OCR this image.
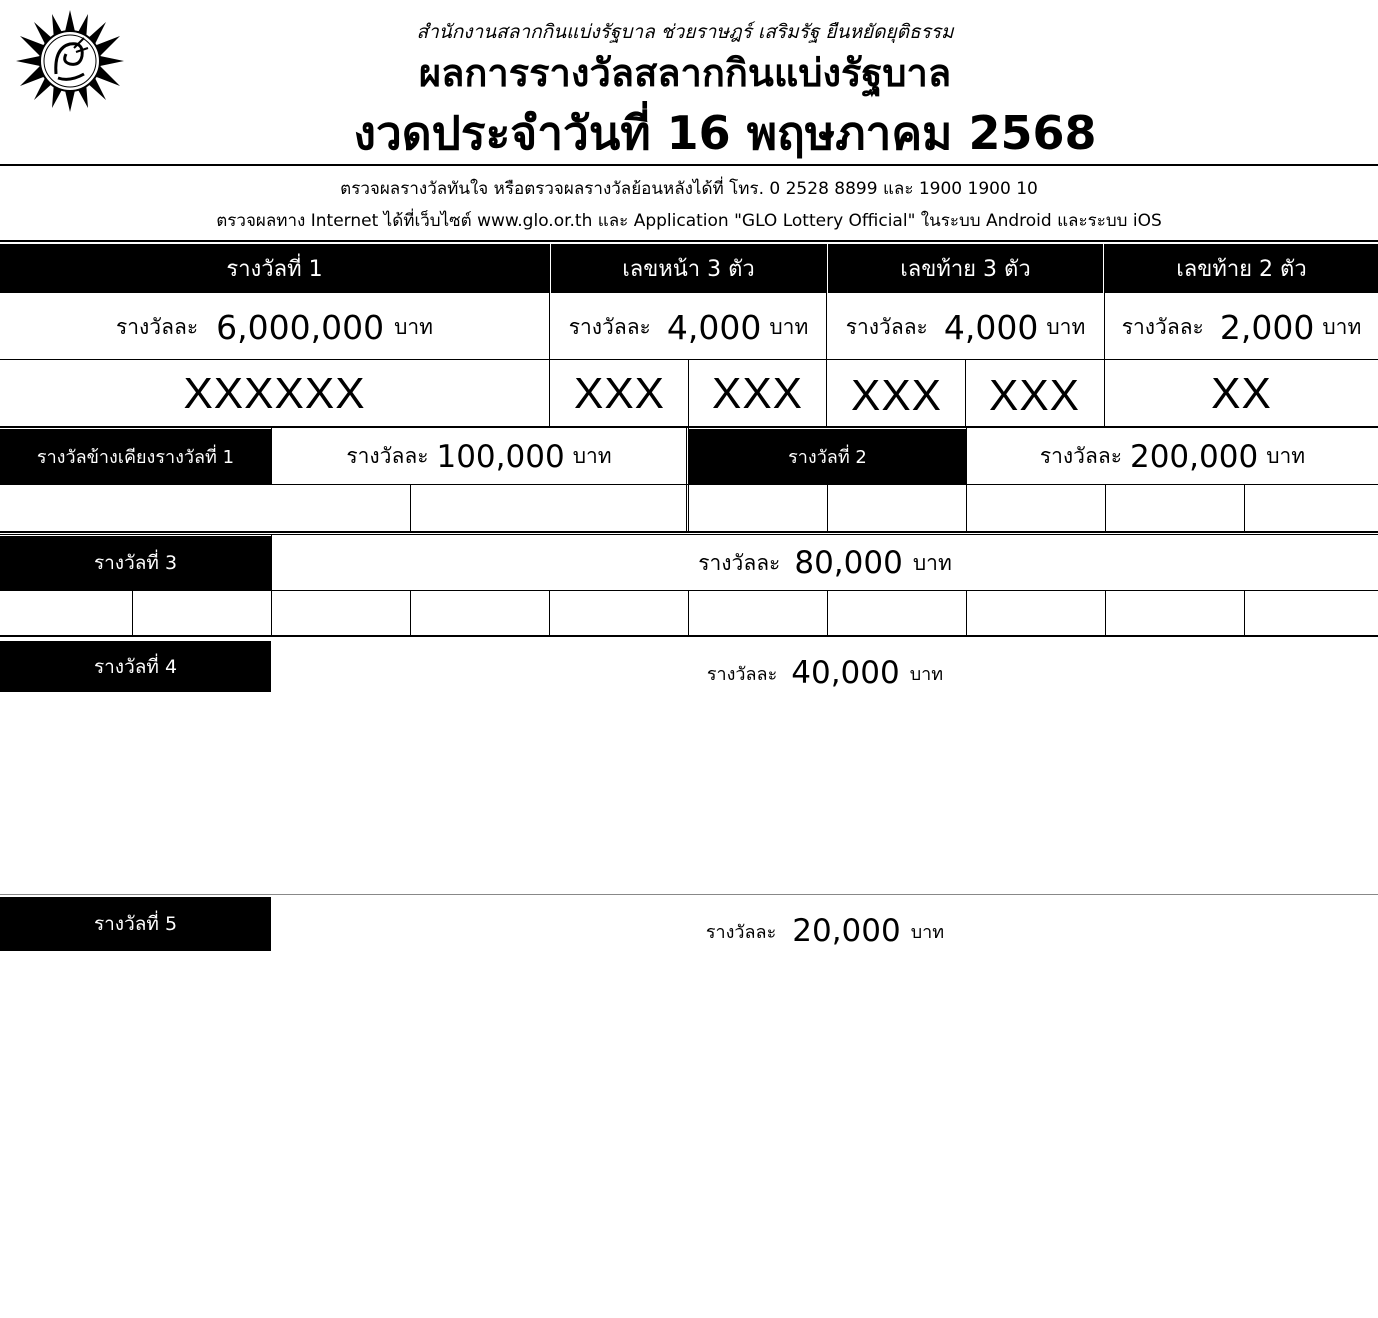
สำนักงานสลากกินแบ่งรัฐบาล ช่วยราษฎร์ เสริมรัฐ ยืนหยัดยุติธรรม
ผลการรางวัลสลากกินแบ่งรัฐบาล
งวดประจำวันที่ 16 พฤษภาคม 2568
ตรวจผลรางวัลทันใจ หรือตรวจผลรางวัลย้อนหลังได้ที่ โทร. 0 2528 8899 และ 1900 1900 10
ตรวจผลทาง Internet ได้ที่เว็บไซต์ www.glo.or.th และ Application "GLO Lottery Official" ในระบบ Android และระบบ iOS
รางวัลที่ 1	เลขหน้า 3 ตัว	เลขท้าย 3 ตัว	เลขท้าย 2 ตัว
รางวัลละ 6,000,000 บาท	รางวัลละ 4,000 บาท รางวัลละ 4,000 บาท รางวัลละ 2,000 บาท
XXXXXX	XXX	XXX	XXX	XXX	XX
รางวัลข้างเคียงรางวัลที่ 1	รางวัลละ 100,000 บาท	รางวัลที่ 2	รางวัลละ 200,000 บาท
รางวัลที่ 3	รางวัลละ 80,000 บาท
รางวัลที่ 4	รางวัลละ 40,000 บาท
รางวัลที่ 5	รางวัลละ 20,000 บาท
